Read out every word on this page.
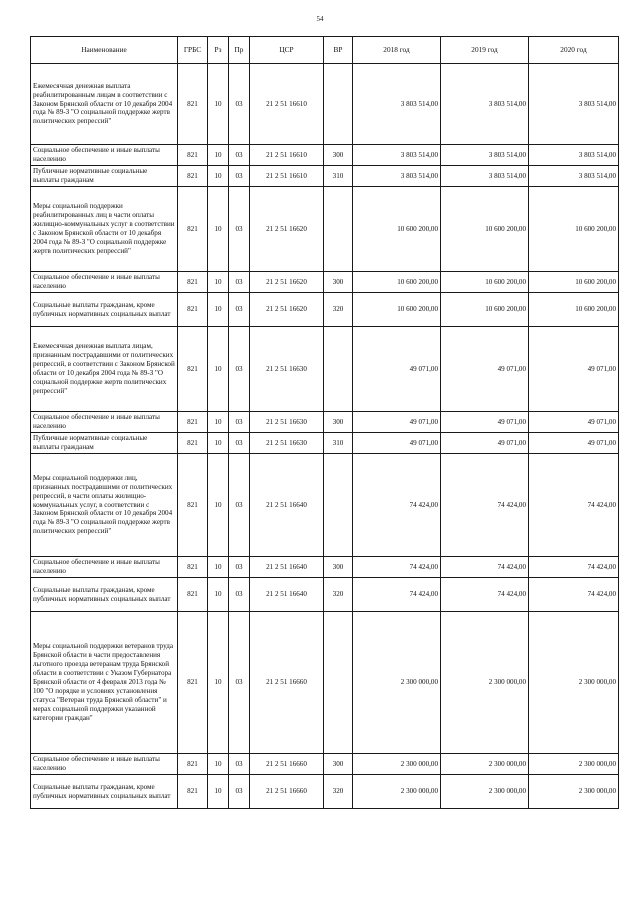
54
Наименование	ГРБС	Рз	Пр	ЦСР	ВР	2018 год	2019 год	2020 год
Ежемесячная денежная выплата реабилитированным лицам в соответствии с Законом Брянской области от 10 декабря 2004 года № 89-З "О социальной поддержке жертв политических репрессий"	821	10	03	21 2 51 16610		3 803 514,00	3 803 514,00	3 803 514,00
Социальное обеспечение и иные выплаты населению	821	10	03	21 2 51 16610	300	3 803 514,00	3 803 514,00	3 803 514,00
Публичные нормативные социальные выплаты гражданам	821	10	03	21 2 51 16610	310	3 803 514,00	3 803 514,00	3 803 514,00
Меры социальной поддержки реабилитированных лиц в части оплаты жилищно-коммунальных услуг в соответствии с Законом Брянской области от 10 декабря 2004 года № 89-З "О социальной поддержке жертв политических репрессий"	821	10	03	21 2 51 16620		10 600 200,00	10 600 200,00	10 600 200,00
Социальное обеспечение и иные выплаты населению	821	10	03	21 2 51 16620	300	10 600 200,00	10 600 200,00	10 600 200,00
Социальные выплаты гражданам, кроме публичных нормативных социальных выплат	821	10	03	21 2 51 16620	320	10 600 200,00	10 600 200,00	10 600 200,00
Ежемесячная денежная выплата лицам, признанным пострадавшими от политических репрессий, в соответствии с Законом Брянской области от 10 декабря 2004 года № 89-З "О социальной поддержке жертв политических репрессий"	821	10	03	21 2 51 16630		49 071,00	49 071,00	49 071,00
Социальное обеспечение и иные выплаты населению	821	10	03	21 2 51 16630	300	49 071,00	49 071,00	49 071,00
Публичные нормативные социальные выплаты гражданам	821	10	03	21 2 51 16630	310	49 071,00	49 071,00	49 071,00
Меры социальной поддержки лиц, признанных пострадавшими от политических репрессий, в части оплаты жилищно-коммунальных услуг, в соответствии с Законом Брянской области от 10 декабря 2004 года № 89-З "О социальной поддержке жертв политических репрессий"	821	10	03	21 2 51 16640		74 424,00	74 424,00	74 424,00
Социальное обеспечение и иные выплаты населению	821	10	03	21 2 51 16640	300	74 424,00	74 424,00	74 424,00
Социальные выплаты гражданам, кроме публичных нормативных социальных выплат	821	10	03	21 2 51 16640	320	74 424,00	74 424,00	74 424,00
Меры социальной поддержки ветеранов труда Брянской области в части предоставления льготного проезда ветеранам труда Брянской области в соответствии с Указом Губернатора Брянской области от 4 февраля 2013 года № 100 "О порядке и условиях установления статуса "Ветеран труда Брянской области" и мерах социальной поддержки указанной категории граждан"	821	10	03	21 2 51 16660		2 300 000,00	2 300 000,00	2 300 000,00
Социальное обеспечение и иные выплаты населению	821	10	03	21 2 51 16660	300	2 300 000,00	2 300 000,00	2 300 000,00
Социальные выплаты гражданам, кроме публичных нормативных социальных выплат	821	10	03	21 2 51 16660	320	2 300 000,00	2 300 000,00	2 300 000,00
